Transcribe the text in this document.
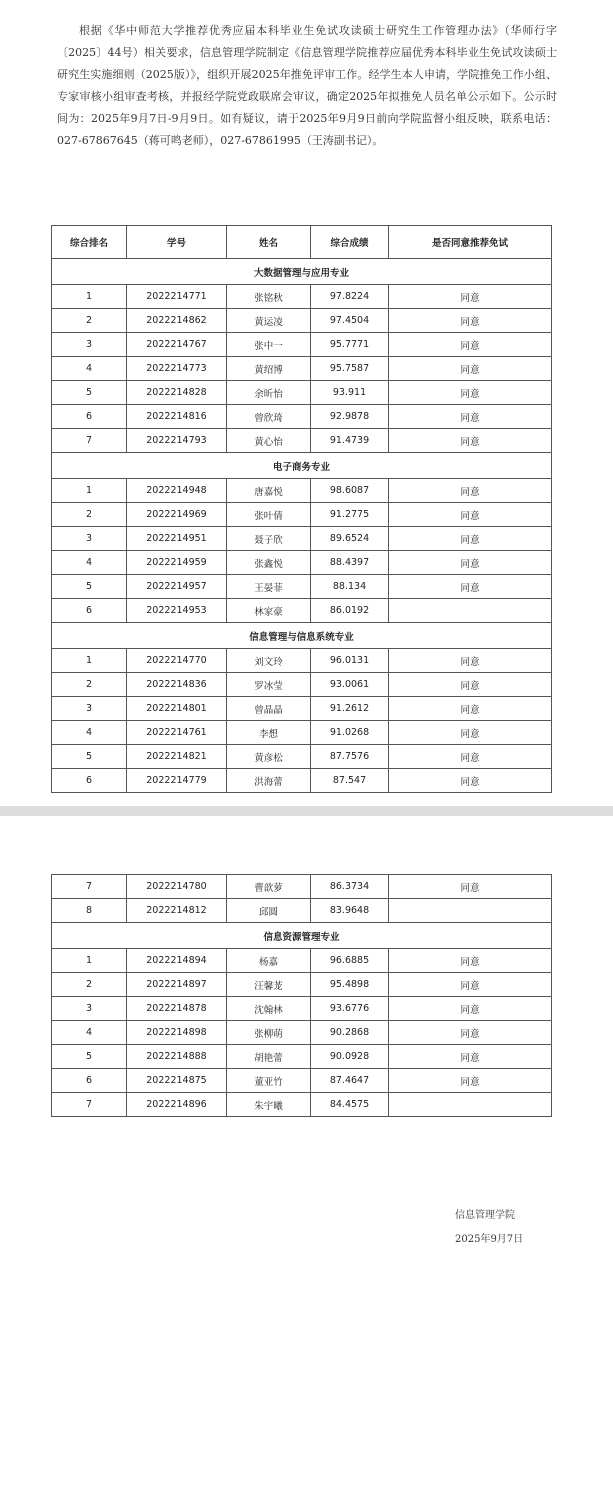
根据《华中师范大学推荐优秀应届本科毕业生免试攻读硕士研究生工作管理办法》（华师行字〔2025〕44号）相关要求，信息管理学院制定《信息管理学院推荐应届优秀本科毕业生免试攻读硕士研究生实施细则（2025版）》，组织开展2025年推免评审工作。经学生本人申请，学院推免工作小组、专家审核小组审查考核，并报经学院党政联席会审议，确定2025年拟推免人员名单公示如下。公示时间为：2025年9月7日-9月9日。如有疑议，请于2025年9月9日前向学院监督小组反映，联系电话：027-67867645（蒋可鸣老师），027-67861995（王涛副书记）。
综合排名	学号	姓名	综合成绩	是否同意推荐免试
大数据管理与应用专业				
1	2022214771	张铭秋	97.8224	同意
2	2022214862	黄运凌	97.4504	同意
3	2022214767	张中一	95.7771	同意
4	2022214773	黄绍博	95.7587	同意
5	2022214828	余昕怡	93.911	同意
6	2022214816	曾欣琦	92.9878	同意
7	2022214793	黄心怡	91.4739	同意
电子商务专业				
1	2022214948	唐嘉悦	98.6087	同意
2	2022214969	张叶倩	91.2775	同意
3	2022214951	聂子欣	89.6524	同意
4	2022214959	张鑫悦	88.4397	同意
5	2022214957	王晏菲	88.134	同意
6	2022214953	林家豪	86.0192	
信息管理与信息系统专业				
1	2022214770	刘文玲	96.0131	同意
2	2022214836	罗冰莹	93.0061	同意
3	2022214801	曾晶晶	91.2612	同意
4	2022214761	李想	91.0268	同意
5	2022214821	黄彦松	87.7576	同意
6	2022214779	洪海蕾	87.547	同意
7	2022214780	曹歆萝	86.3734	同意
8	2022214812	邱圆	83.9648	
信息资源管理专业				
1	2022214894	杨嘉	96.6885	同意
2	2022214897	汪馨茏	95.4898	同意
3	2022214878	沈翰林	93.6776	同意
4	2022214898	张柳萌	90.2868	同意
5	2022214888	胡艳蕾	90.0928	同意
6	2022214875	董亚竹	87.4647	同意
7	2022214896	朱宇曦	84.4575	
信息管理学院
2025年9月7日
